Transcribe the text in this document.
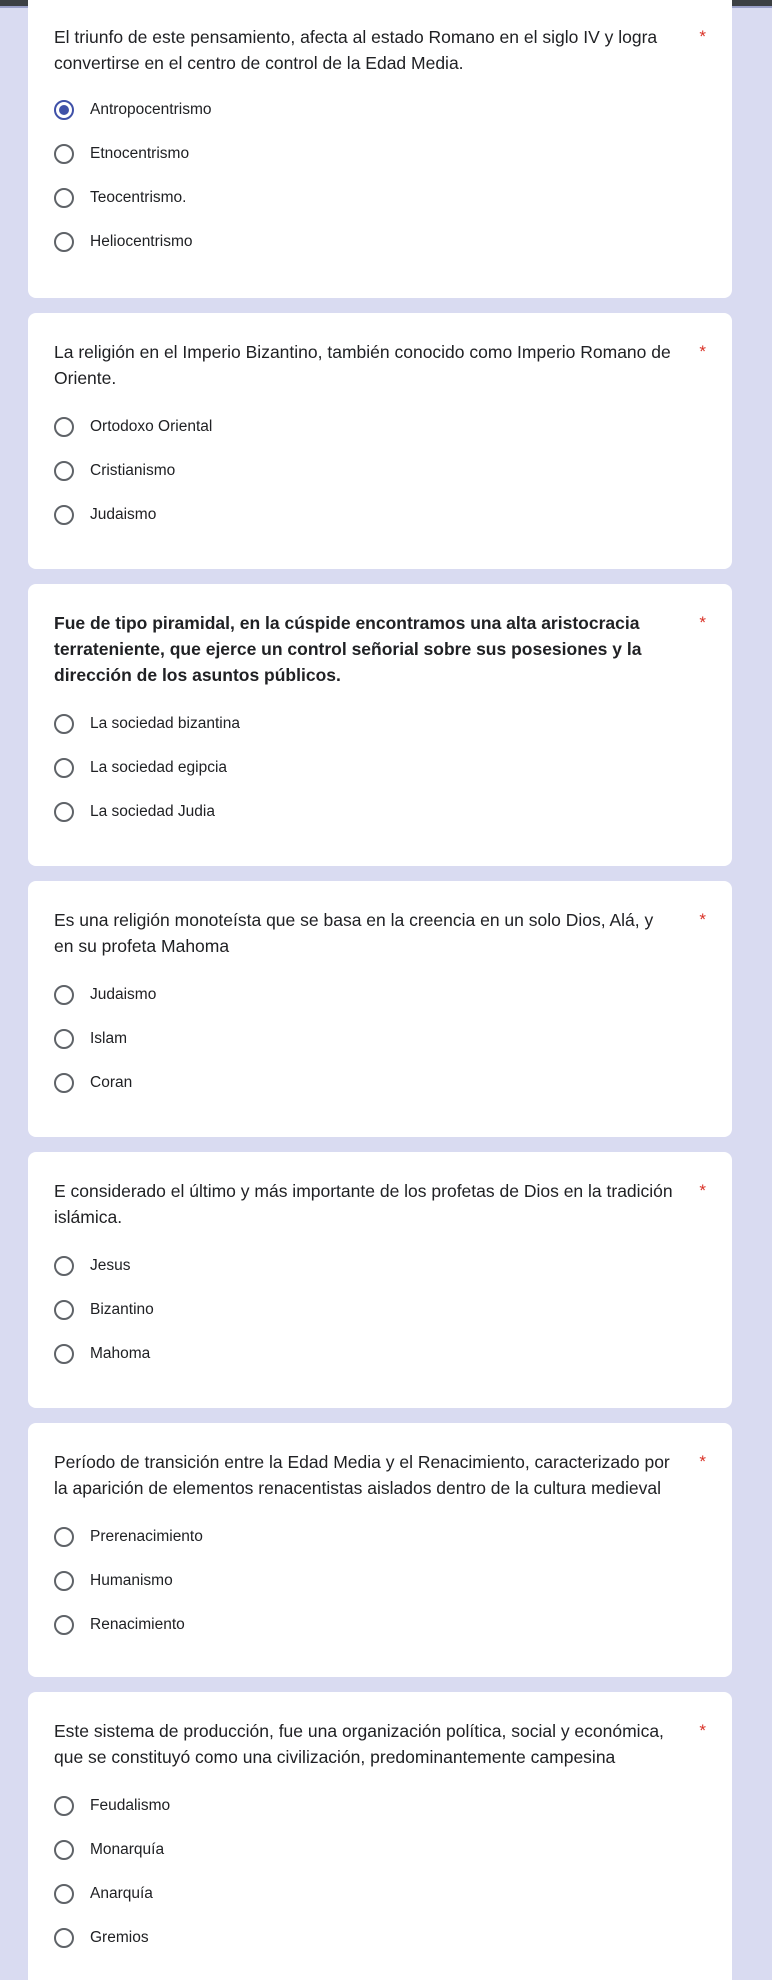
El triunfo de este pensamiento, afecta al estado Romano en el siglo IV y logra convertirse en el centro de control de la Edad Media.
*

Antropocentrismo
Etnocentrismo
Teocentrismo.
Heliocentrismo

La religión en el Imperio Bizantino, también conocido como Imperio Romano de Oriente.
*

Ortodoxo Oriental
Cristianismo
Judaismo

Fue de tipo piramidal, en la cúspide encontramos una alta aristocracia terrateniente, que ejerce un control señorial sobre sus posesiones y la dirección de los asuntos públicos.
*

La sociedad bizantina
La sociedad egipcia
La sociedad Judia

Es una religión monoteísta que se basa en la creencia en un solo Dios, Alá, y en su profeta Mahoma
*

Judaismo
Islam
Coran

E considerado el último y más importante de los profetas de Dios en la tradición islámica.
*

Jesus
Bizantino
Mahoma

Período de transición entre la Edad Media y el Renacimiento, caracterizado por la aparición de elementos renacentistas aislados dentro de la cultura medieval
*

Prerenacimiento
Humanismo
Renacimiento

Este sistema de producción, fue una organización política, social y económica, que se constituyó como una civilización, predominantemente campesina
*

Feudalismo
Monarquía
Anarquía
Gremios
